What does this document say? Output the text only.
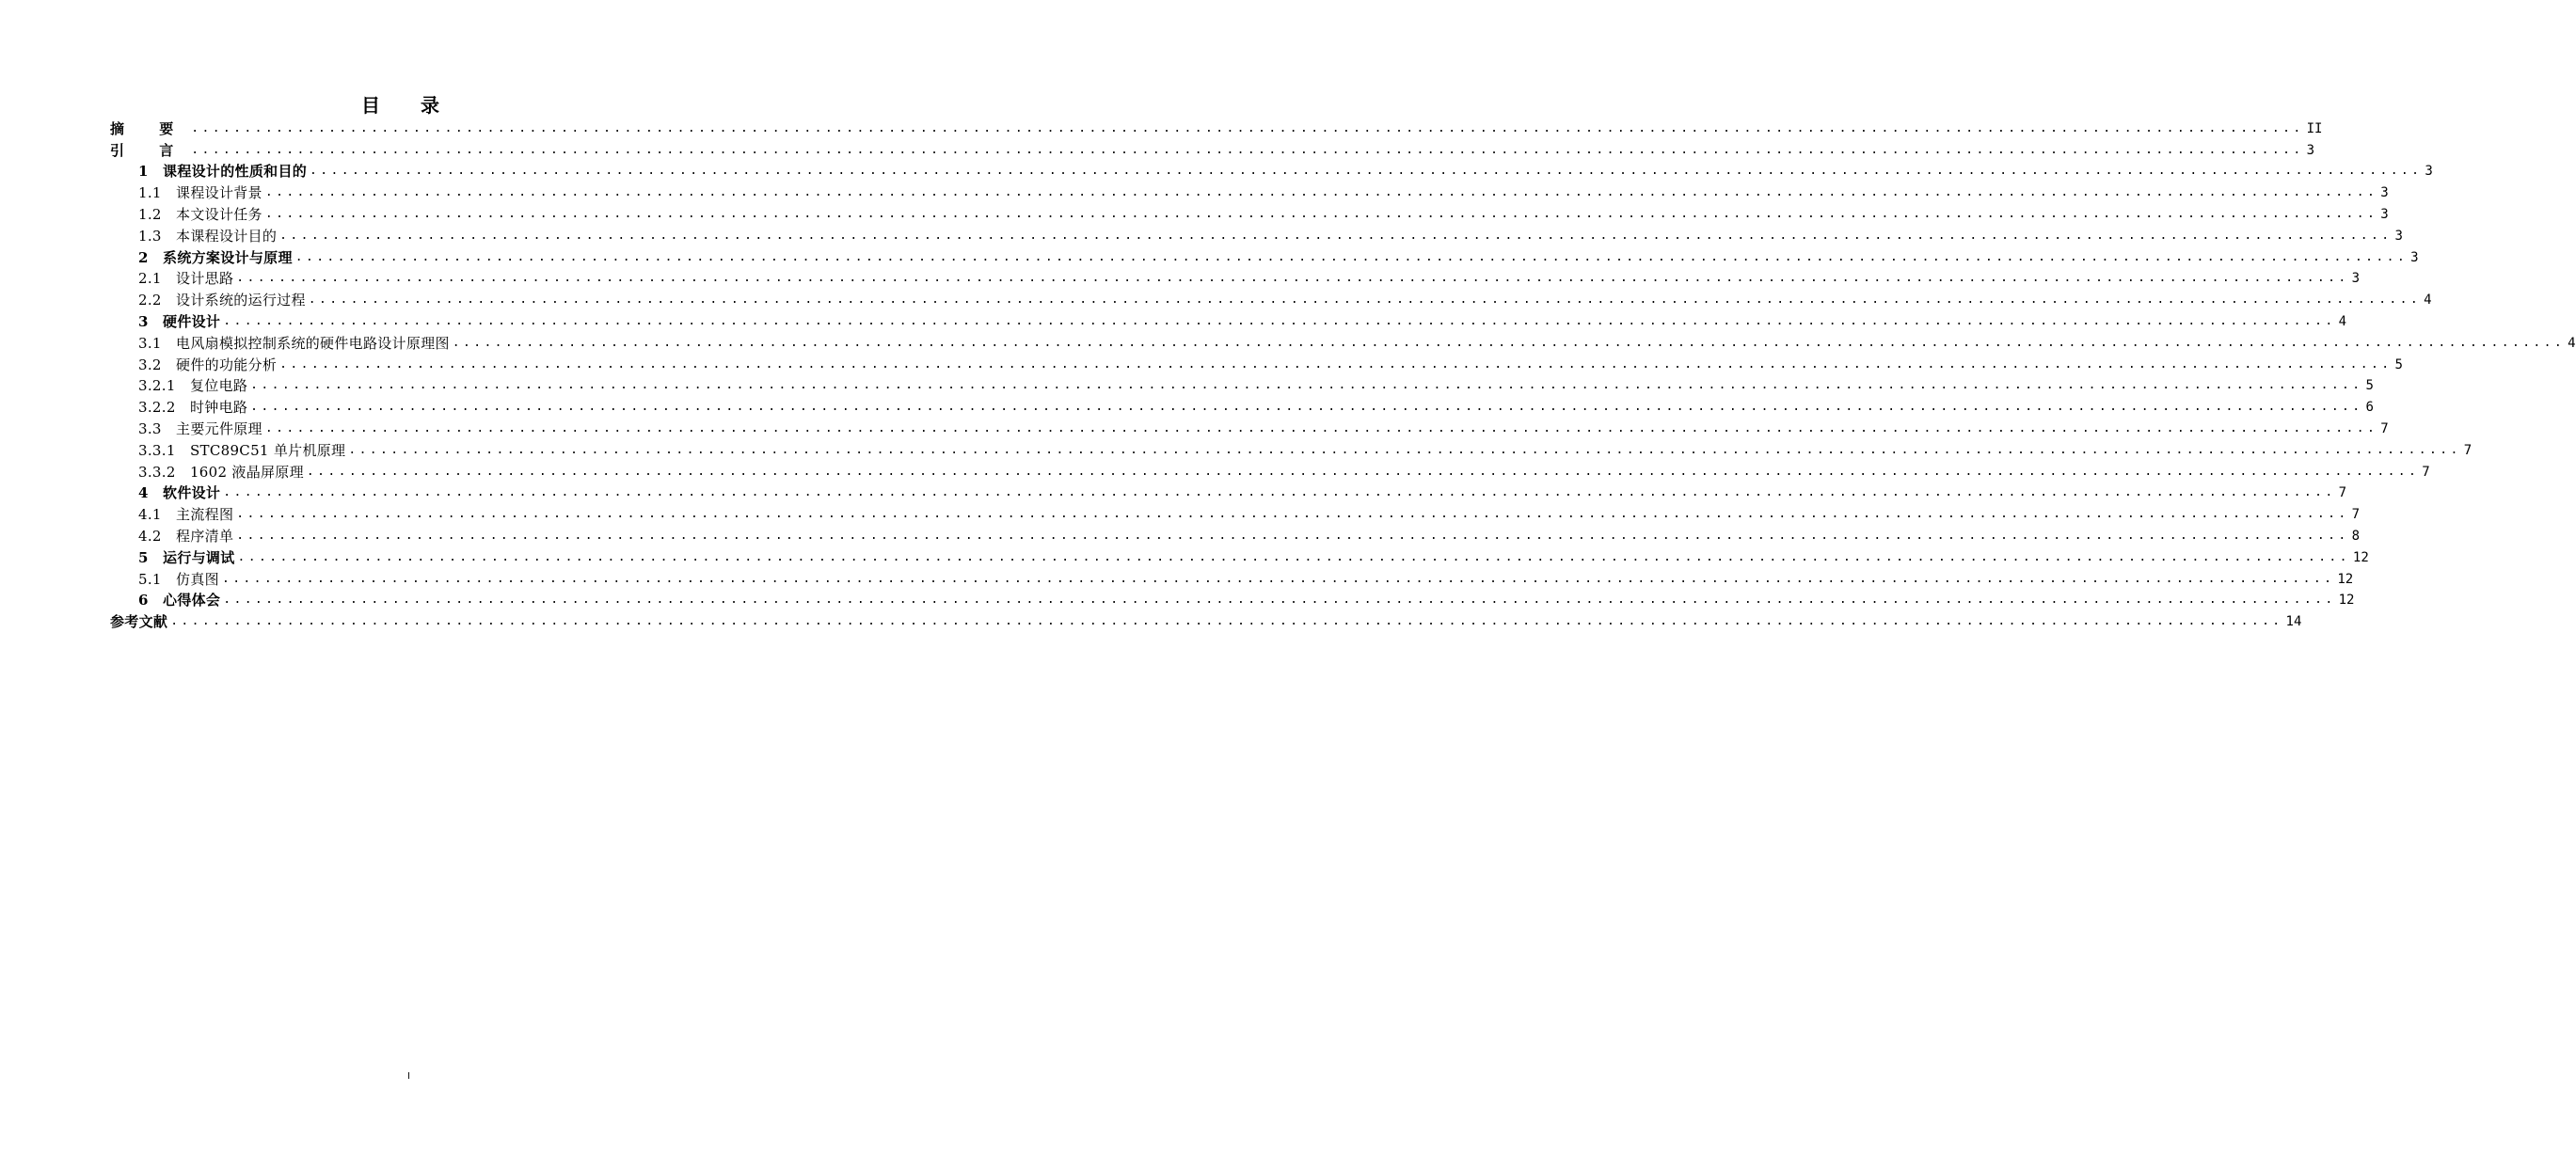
目 录
摘 要 ........................................................................................................................................................................................................ II
引 言 ........................................................................................................................................................................................................ 3
1　课程设计的性质和目的 ........................................................................................................................................................................................................ 3
1.1　课程设计背景 ........................................................................................................................................................................................................ 3
1.2　本文设计任务 ........................................................................................................................................................................................................ 3
1.3　本课程设计目的 ........................................................................................................................................................................................................ 3
2　系统方案设计与原理 ........................................................................................................................................................................................................ 3
2.1　设计思路 ........................................................................................................................................................................................................ 3
2.2　设计系统的运行过程 ........................................................................................................................................................................................................ 4
3　硬件设计 ........................................................................................................................................................................................................ 4
3.1　电风扇模拟控制系统的硬件电路设计原理图 ........................................................................................................................................................................................................ 4
3.2　硬件的功能分析 ........................................................................................................................................................................................................ 5
3.2.1　复位电路 ........................................................................................................................................................................................................ 5
3.2.2　时钟电路 ........................................................................................................................................................................................................ 6
3.3　主要元件原理 ........................................................................................................................................................................................................ 7
3.3.1　STC89C51 单片机原理 ........................................................................................................................................................................................................ 7
3.3.2　1602 液晶屏原理 ........................................................................................................................................................................................................ 7
4　软件设计 ........................................................................................................................................................................................................ 7
4.1　主流程图 ........................................................................................................................................................................................................ 7
4.2　程序清单 ........................................................................................................................................................................................................ 8
5　运行与调试 ........................................................................................................................................................................................................ 12
5.1　仿真图 ........................................................................................................................................................................................................ 12
6　心得体会 ........................................................................................................................................................................................................ 12
参考文献 ........................................................................................................................................................................................................ 14
I
